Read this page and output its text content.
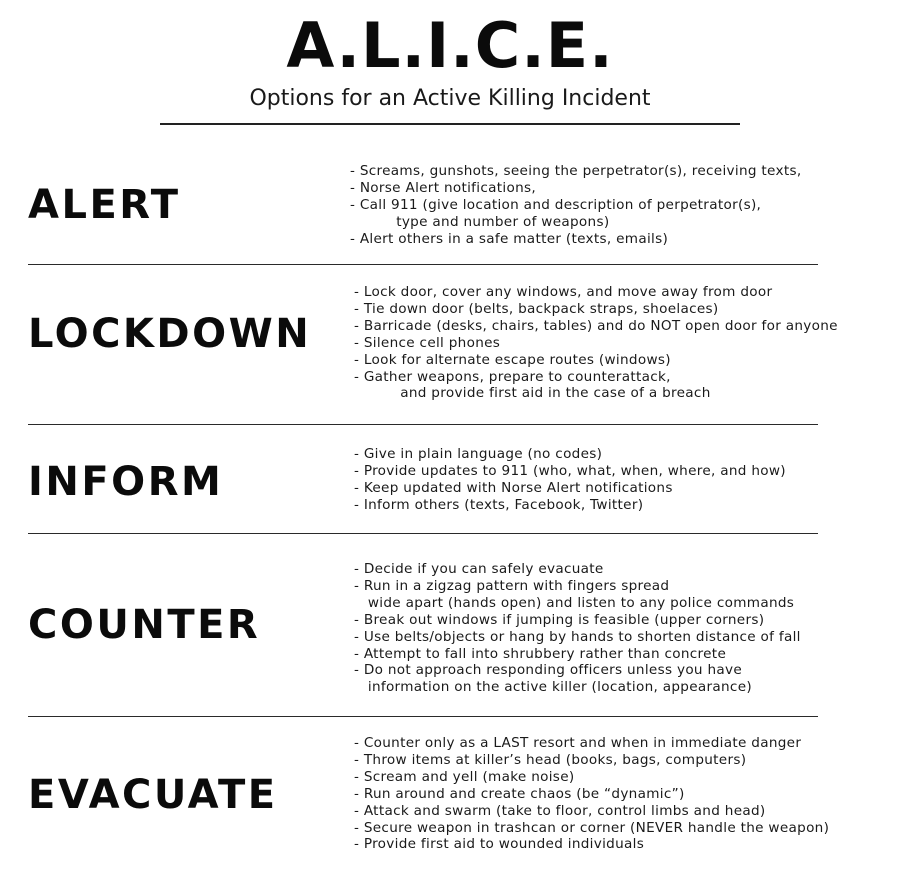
A.L.I.C.E.
Options for an Active Killing Incident
ALERT
- Screams, gunshots, seeing the perpetrator(s), receiving texts,
- Norse Alert notifications,
- Call 911 (give location and description of perpetrator(s),
type and number of weapons)
- Alert others in a safe matter (texts, emails)
LOCKDOWN
- Lock door, cover any windows, and move away from door
- Tie down door (belts, backpack straps, shoelaces)
- Barricade (desks, chairs, tables) and do NOT open door for anyone
- Silence cell phones
- Look for alternate escape routes (windows)
- Gather weapons, prepare to counterattack,
and provide first aid in the case of a breach
INFORM
- Give in plain language (no codes)
- Provide updates to 911 (who, what, when, where, and how)
- Keep updated with Norse Alert notifications
- Inform others (texts, Facebook, Twitter)
COUNTER
- Decide if you can safely evacuate
- Run in a zigzag pattern with fingers spread
wide apart (hands open) and listen to any police commands
- Break out windows if jumping is feasible (upper corners)
- Use belts/objects or hang by hands to shorten distance of fall
- Attempt to fall into shrubbery rather than concrete
- Do not approach responding officers unless you have
information on the active killer (location, appearance)
EVACUATE
- Counter only as a LAST resort and when in immediate danger
- Throw items at killer’s head (books, bags, computers)
- Scream and yell (make noise)
- Run around and create chaos (be “dynamic”)
- Attack and swarm (take to floor, control limbs and head)
- Secure weapon in trashcan or corner (NEVER handle the weapon)
- Provide first aid to wounded individuals
